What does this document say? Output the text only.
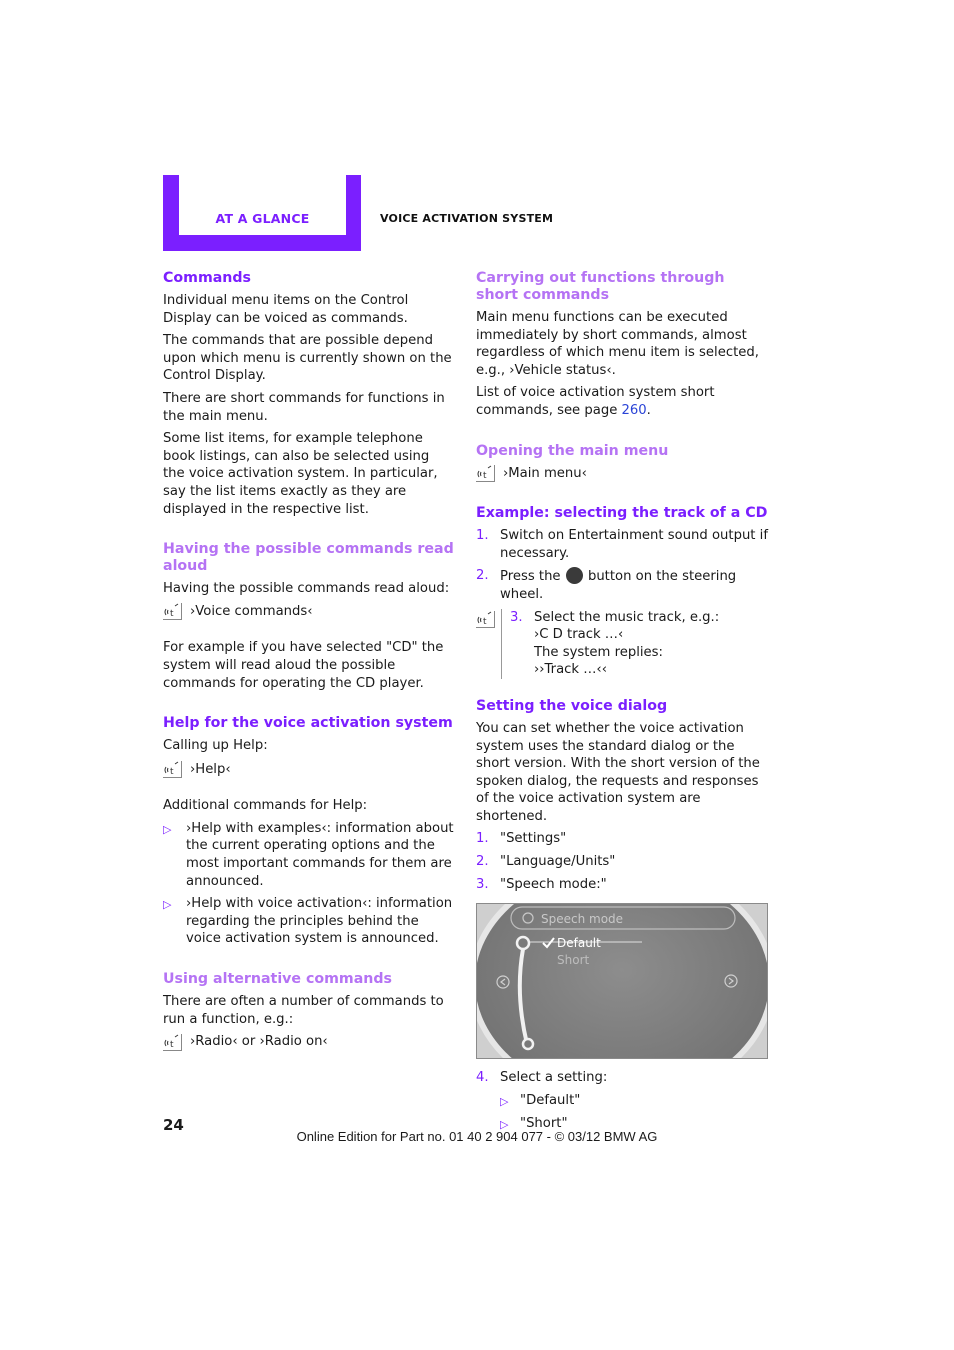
AT A GLANCE	VOICE ACTIVATION SYSTEM
Commands

Individual menu items on the Control Display can be voiced as commands.

The commands that are possible depend upon which menu is currently shown on the Control Display.

There are short commands for functions in the main menu.

Some list items, for example telephone book listings, can also be selected using the voice activation system. In particular, say the list items exactly as they are displayed in the respective list.

Having the possible commands read aloud

Having the possible commands read aloud:

t ›Voice commands‹

For example if you have selected "CD" the system will read aloud the possible commands for operating the CD player.

Help for the voice activation system

Calling up Help:

t ›Help‹

Additional commands for Help:

▷	›Help with examples‹: information about the current operating options and the most important commands for them are announced.
▷	›Help with voice activation‹: information regarding the principles behind the voice activation system is announced.
Using alternative commands

There are often a number of commands to run a function, e.g.:

t ›Radio‹ or ›Radio on‹
Carrying out functions through short commands

Main menu functions can be executed immediately by short commands, almost regardless of which menu item is selected, e.g., ›Vehicle status‹.

List of voice activation system short commands, see page 260.

Opening the main menu
t ›Main menu‹
Example: selecting the track of a CD
1. Switch on Entertainment sound output if necessary.
2. Press the button on the steering wheel.
t 3. Select the music track, e.g.:
›C D track …‹
The system replies:
››Track …‹‹
Setting the voice dialog

You can set whether the voice activation system uses the standard dialog or the short version. With the short version of the spoken dialog, the requests and responses of the voice activation system are shortened.

1. "Settings"
2. "Language/Units"
3. "Speech mode:"
Speech mode
Default
Short
4. Select a setting:
▷ "Default"
▷ "Short"
24
Online Edition for Part no. 01 40 2 904 077 - © 03/12 BMW AG
